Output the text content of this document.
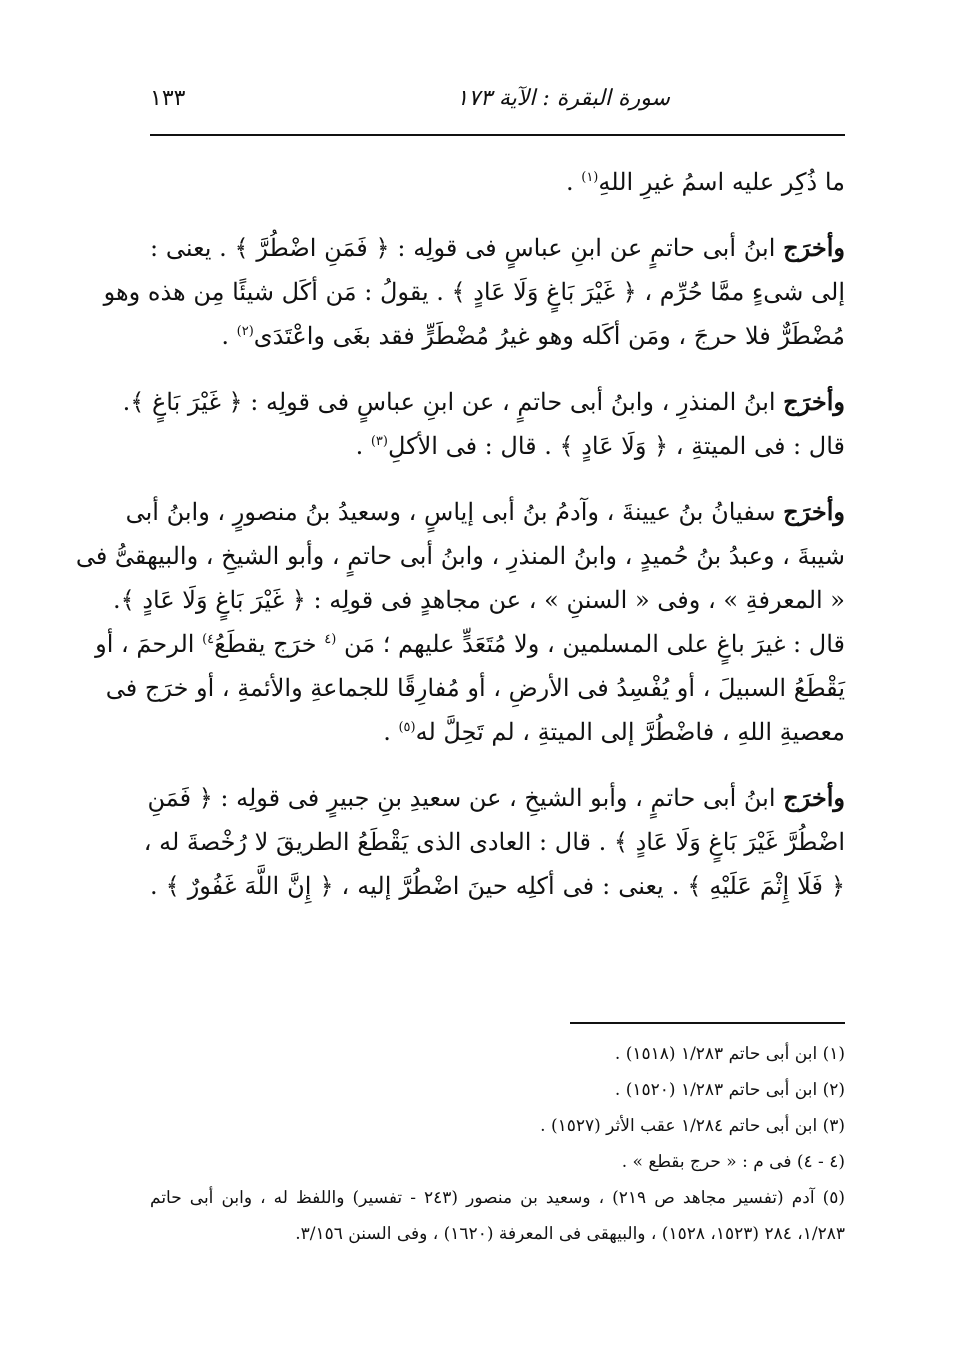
سورة البقرة : الآية ١٧٣
١٣٣
ما ذُكِر عليه اسمُ غيرِ اللهِ$^{(١)}$ .
وأخرَج ابنُ أبى حاتمٍ عن ابنِ عباسٍ فى قولِه : ﴿ فَمَنِ اضْطُرَّ ﴾ . يعنى :
إلى شىءٍ ممَّا حُرِّم ، ﴿ غَيْرَ بَاغٍ وَلَا عَادٍ ﴾ . يقولُ : مَن أكَل شيئًا مِن هذه وهو
مُضْطَرٌّ فلا حرجَ ، ومَن أكَله وهو غيرُ مُضْطَرٍّ فقد بغَى واعْتَدَى$^{(٢)}$ .
وأخرَج ابنُ المنذرِ ، وابنُ أبى حاتمٍ ، عن ابنِ عباسٍ فى قولِه : ﴿ غَيْرَ بَاغٍ ﴾.
قال : فى الميتةِ ، ﴿ وَلَا عَادٍ ﴾ . قال : فى الأكلِ$^{(٣)}$ .
وأخرَج سفيانُ بنُ عيينةَ ، وآدمُ بنُ أبى إياسٍ ، وسعيدُ بنُ منصورٍ ، وابنُ أبى
شيبةَ ، وعبدُ بنُ حُميدٍ ، وابنُ المنذرِ ، وابنُ أبى حاتمٍ ، وأبو الشيخِ ، والبيهقىُّ فى
« المعرفةِ » ، وفى « السننِ » ، عن مجاهدٍ فى قولِه : ﴿ غَيْرَ بَاغٍ وَلَا عَادٍ ﴾.
قال : غيرَ باغٍ على المسلمين ، ولا مُتَعَدٍّ عليهم ؛ مَن $^{(٤}$ خرَج يقطَعُ$^{٤)}$ الرحمَ ، أو
يَقْطَعُ السبيلَ ، أو يُفْسِدُ فى الأرضِ ، أو مُفارِقًا للجماعةِ والأئمةِ ، أو خرَج فى
معصيةِ اللهِ ، فاضْطُرَّ إلى الميتةِ ، لم تَحِلَّ له$^{(٥)}$ .
وأخرَج ابنُ أبى حاتمٍ ، وأبو الشيخِ ، عن سعيدِ بنِ جبيرٍ فى قولِه : ﴿ فَمَنِ
اضْطُرَّ غَيْرَ بَاغٍ وَلَا عَادٍ ﴾ . قال : العادى الذى يَقْطَعُ الطريقَ لا رُخْصةَ له ،
﴿ فَلَا إِثْمَ عَلَيْهِ ﴾ . يعنى : فى أكلِه حينَ اضْطُرَّ إليه ، ﴿ إِنَّ اللَّهَ غَفُورٌ ﴾ .
(١) ابن أبى حاتم ١/٢٨٣ (١٥١٨) .
(٢) ابن أبى حاتم ١/٢٨٣ (١٥٢٠) .
(٣) ابن أبى حاتم ١/٢٨٤ عقب الأثر (١٥٢٧) .
(٤ - ٤) فى م : « حرج بقطع » .
(٥) آدم (تفسير مجاهد ص ٢١٩) ، وسعيد بن منصور (٢٤٣ - تفسير) واللفظ له ، وابن أبى حاتم
١/٢٨٣، ٢٨٤ (١٥٢٣، ١٥٢٨) ، والبيهقى فى المعرفة (١٦٢٠) ، وفى السنن ٣/١٥٦.
